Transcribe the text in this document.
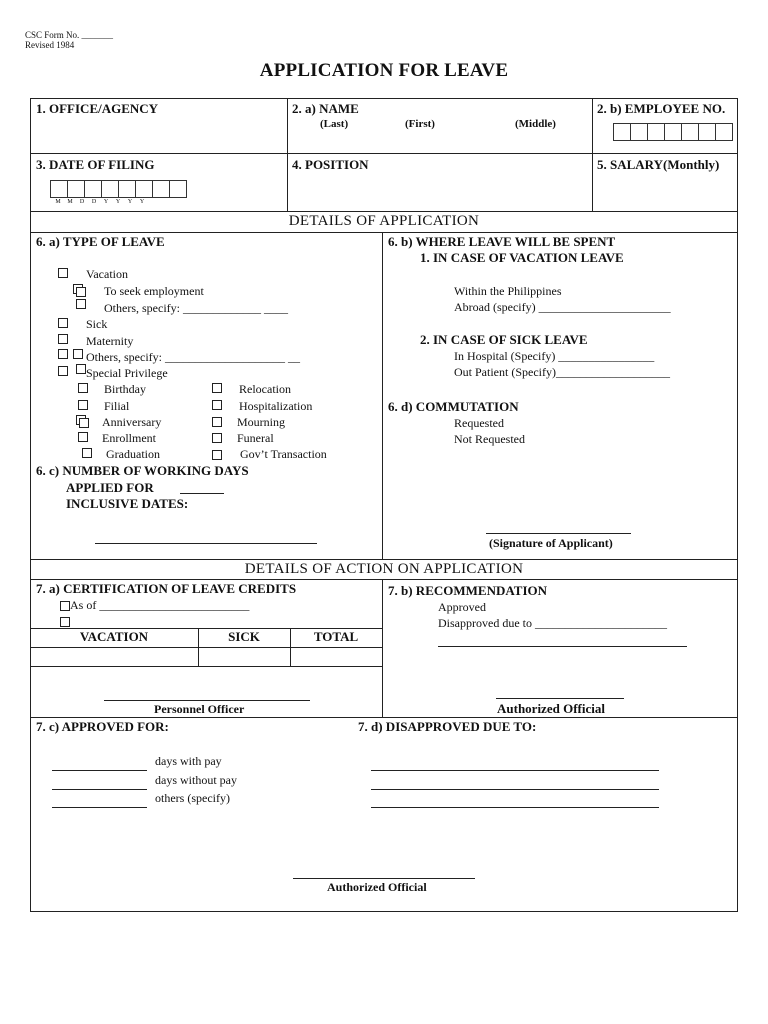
CSC Form No. _______
Revised 1984
APPLICATION FOR LEAVE
1. OFFICE/AGENCY	2. a) NAME
(Last)	(First)	(Middle)
2. b) EMPLOYEE NO.
3. DATE OF FILING
M	M	D	D	Y	Y	Y	Y
4. POSITION	5. SALARY(Monthly)
DETAILS OF APPLICATION
6. a) TYPE OF LEAVE
Vacation
To seek employment
Others, specify: _____________ ____
Sick
Maternity
Others, specify: ____________________ __
Special Privilege
Birthday	Relocation
Filial	Hospitalization
Anniversary	Mourning
Enrollment	Funeral
Graduation	Gov’t Transaction
6. c) NUMBER OF WORKING DAYS
APPLIED FOR
INCLUSIVE DATES:
6. b) WHERE LEAVE WILL BE SPENT
1. IN CASE OF VACATION LEAVE
Within the Philippines
Abroad (specify) ______________________
2. IN CASE OF SICK LEAVE
In Hospital (Specify) ________________
Out Patient (Specify)___________________
6. d) COMMUTATION
Requested
Not Requested
(Signature of Applicant)
DETAILS OF ACTION ON APPLICATION
7. a) CERTIFICATION OF LEAVE CREDITS
As of _________________________
VACATION	SICK	TOTAL
Personnel Officer
7. b) RECOMMENDATION
Approved
Disapproved due to ______________________
Authorized Official
7. c) APPROVED FOR:
days with pay
days without pay
others (specify)
7. d) DISAPPROVED DUE TO:
Authorized Official
